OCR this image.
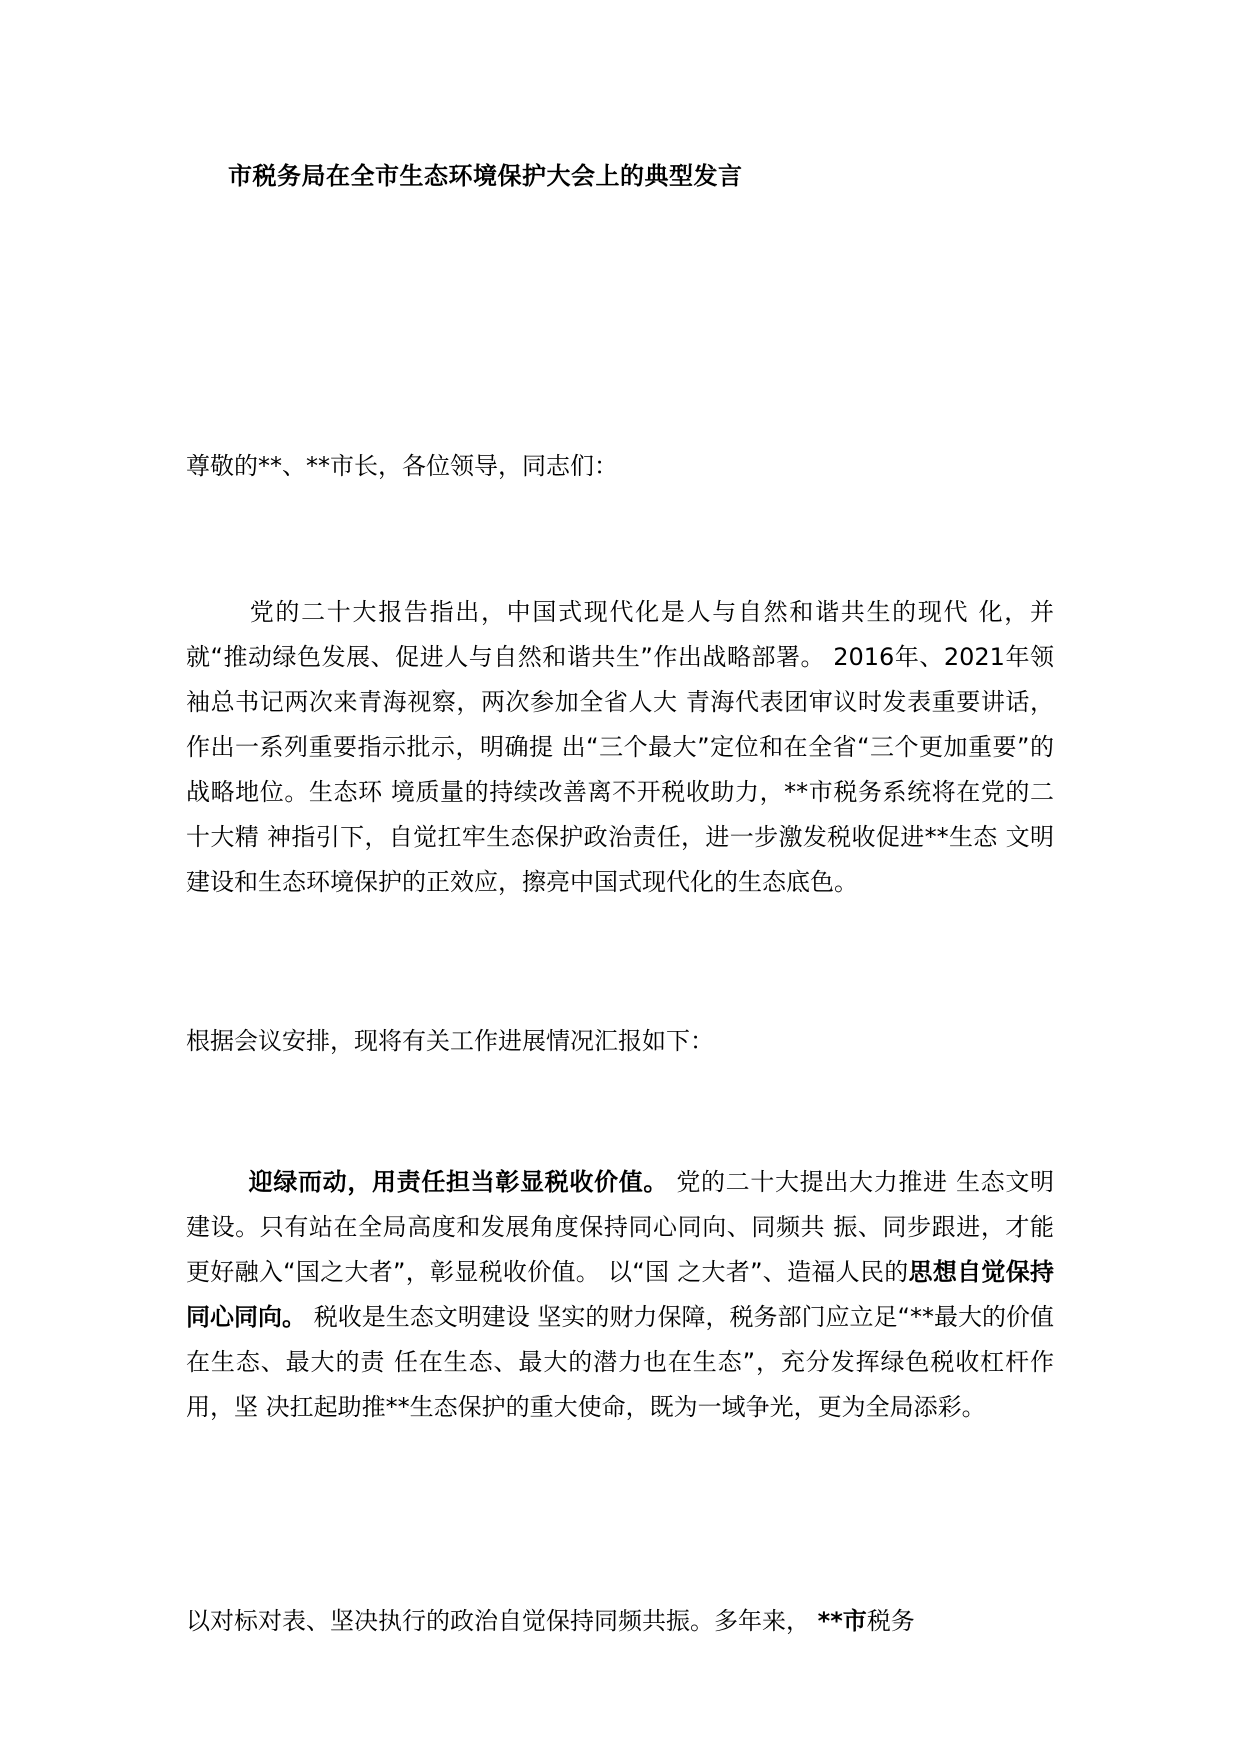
市税务局在全市生态环境保护大会上的典型发言

尊敬的**、**市长，各位领导，同志们：

党的二十大报告指出，中国式现代化是人与自然和谐共生的现代 化，并就“推动绿色发展、促进人与自然和谐共生”作出战略部署。 2016年、2021年领袖总书记两次来青海视察，两次参加全省人大 青海代表团审议时发表重要讲话，作出一系列重要指示批示，明确提 出“三个最大”定位和在全省“三个更加重要”的战略地位。生态环 境质量的持续改善离不开税收助力，**市税务系统将在党的二十大精 神指引下，自觉扛牢生态保护政治责任，进一步激发税收促进**生态 文明建设和生态环境保护的正效应，擦亮中国式现代化的生态底色。

根据会议安排，现将有关工作进展情况汇报如下：

迎绿而动，用责任担当彰显税收价值。 党的二十大提出大力推进 生态文明建设。只有站在全局高度和发展角度保持同心同向、同频共 振、同步跟进，才能更好融入“国之大者”，彰显税收价值。 以“国 之大者”、造福人民的思想自觉保持同心同向。 税收是生态文明建设 坚实的财力保障，税务部门应立足“**最大的价值在生态、最大的责 任在生态、最大的潜力也在生态”，充分发挥绿色税收杠杆作用，坚 决扛起助推**生态保护的重大使命，既为一域争光，更为全局添彩。

以对标对表、坚决执行的政治自觉保持同频共振。多年来， **市税务
